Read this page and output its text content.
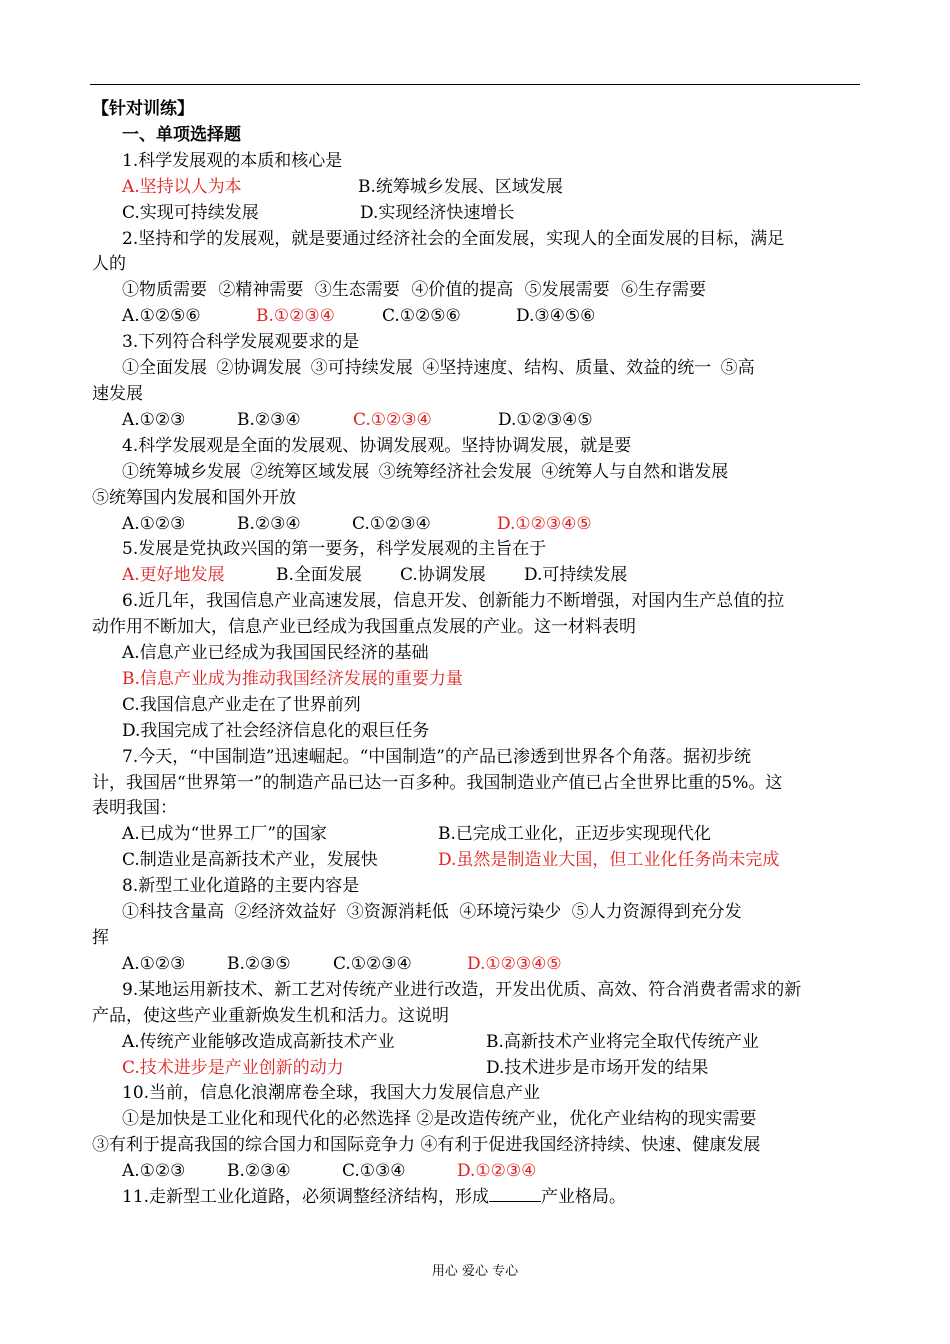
【针对训练】

一、单项选择题

1.科学发展观的本质和核心是

A.坚持以人为本	B.统筹城乡发展、区域发展

C.实现可持续发展	D.实现经济快速增长

2.坚持和学的发展观，就是要通过经济社会的全面发展，实现人的全面发展的目标，满足

人的

①物质需要 ②精神需要 ③生态需要 ④价值的提高 ⑤发展需要 ⑥生存需要

A.①②⑤⑥	B.①②③④	C.①②⑤⑥	D.③④⑤⑥

3.下列符合科学发展观要求的是

①全面发展 ②协调发展 ③可持续发展 ④坚持速度、结构、质量、效益的统一 ⑤高

速发展

A.①②③	B.②③④	C.①②③④	D.①②③④⑤

4.科学发展观是全面的发展观、协调发展观。坚持协调发展，就是要

①统筹城乡发展 ②统筹区域发展 ③统筹经济社会发展 ④统筹人与自然和谐发展

⑤统筹国内发展和国外开放

A.①②③	B.②③④	C.①②③④	D.①②③④⑤

5.发展是党执政兴国的第一要务，科学发展观的主旨在于

A.更好地发展	B.全面发展 C.协调发展 D.可持续发展

6.近几年，我国信息产业高速发展，信息开发、创新能力不断增强，对国内生产总值的拉

动作用不断加大，信息产业已经成为我国重点发展的产业。这一材料表明

A.信息产业已经成为我国国民经济的基础

B.信息产业成为推动我国经济发展的重要力量

C.我国信息产业走在了世界前列

D.我国完成了社会经济信息化的艰巨任务

7.今天，“中国制造”迅速崛起。“中国制造”的产品已渗透到世界各个角落。据初步统

计，我国居“世界第一”的制造产品已达一百多种。我国制造业产值已占全世界比重的5%。这

表明我国：

A.已成为“世界工厂”的国家	B.已完成工业化，正迈步实现现代化

C.制造业是高新技术产业，发展快	D.虽然是制造业大国，但工业化任务尚未完成

8.新型工业化道路的主要内容是

①科技含量高 ②经济效益好 ③资源消耗低 ④环境污染少 ⑤人力资源得到充分发

挥

A.①②③ B.②③⑤ C.①②③④	D.①②③④⑤

9.某地运用新技术、新工艺对传统产业进行改造，开发出优质、高效、符合消费者需求的新

产品，使这些产业重新焕发生机和活力。这说明

A.传统产业能够改造成高新技术产业	B.高新技术产业将完全取代传统产业

C.技术进步是产业创新的动力	D.技术进步是市场开发的结果

10.当前，信息化浪潮席卷全球，我国大力发展信息产业

①是加快是工业化和现代化的必然选择 ②是改造传统产业，优化产业结构的现实需要

③有利于提高我国的综合国力和国际竞争力 ④有利于促进我国经济持续、快速、健康发展

A.①②③ B.②③④	C.①③④	D.①②③④

11.走新型工业化道路，必须调整经济结构，形成	产业格局。

用心 爱心 专心
